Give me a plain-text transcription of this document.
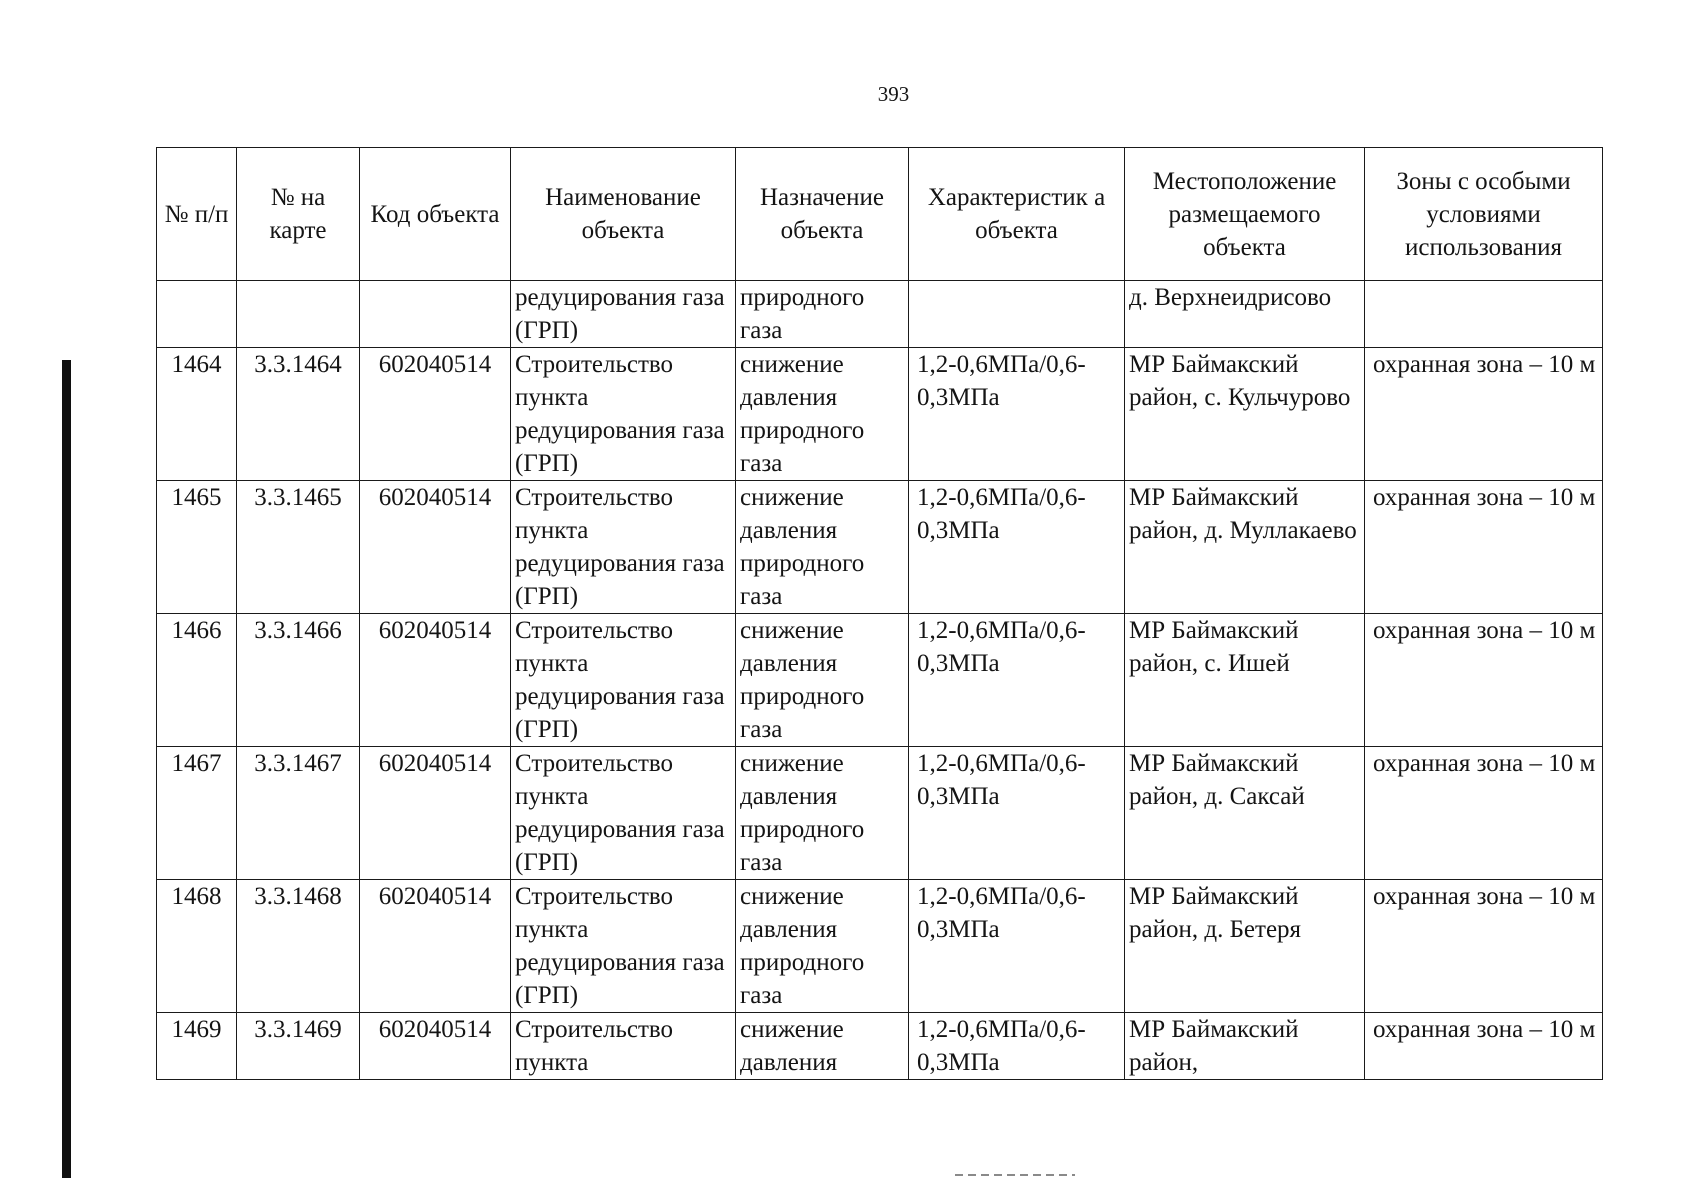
393
№ п/п	№ на карте	Код объекта	Наименование объекта	Назначение объекта	Характеристик а объекта	Местоположение размещаемого объекта	Зоны с особыми условиями использования
			редуцирования газа (ГРП)	природного газа		д. Верхнеидрисово	
1464	3.3.1464	602040514	Строительство пункта редуцирования газа (ГРП)	снижение давления природного газа	1,2-0,6МПа/0,6-0,3МПа	МР Баймакский район, с. Кульчурово	охранная зона – 10 м
1465	3.3.1465	602040514	Строительство пункта редуцирования газа (ГРП)	снижение давления природного газа	1,2-0,6МПа/0,6-0,3МПа	МР Баймакский район, д. Муллакаево	охранная зона – 10 м
1466	3.3.1466	602040514	Строительство пункта редуцирования газа (ГРП)	снижение давления природного газа	1,2-0,6МПа/0,6-0,3МПа	МР Баймакский район, с. Ишей	охранная зона – 10 м
1467	3.3.1467	602040514	Строительство пункта редуцирования газа (ГРП)	снижение давления природного газа	1,2-0,6МПа/0,6-0,3МПа	МР Баймакский район, д. Саксай	охранная зона – 10 м
1468	3.3.1468	602040514	Строительство пункта редуцирования газа (ГРП)	снижение давления природного газа	1,2-0,6МПа/0,6-0,3МПа	МР Баймакский район, д. Бетеря	охранная зона – 10 м
1469	3.3.1469	602040514	Строительство пункта	снижение давления	1,2-0,6МПа/0,6-0,3МПа	МР Баймакский район,	охранная зона – 10 м
